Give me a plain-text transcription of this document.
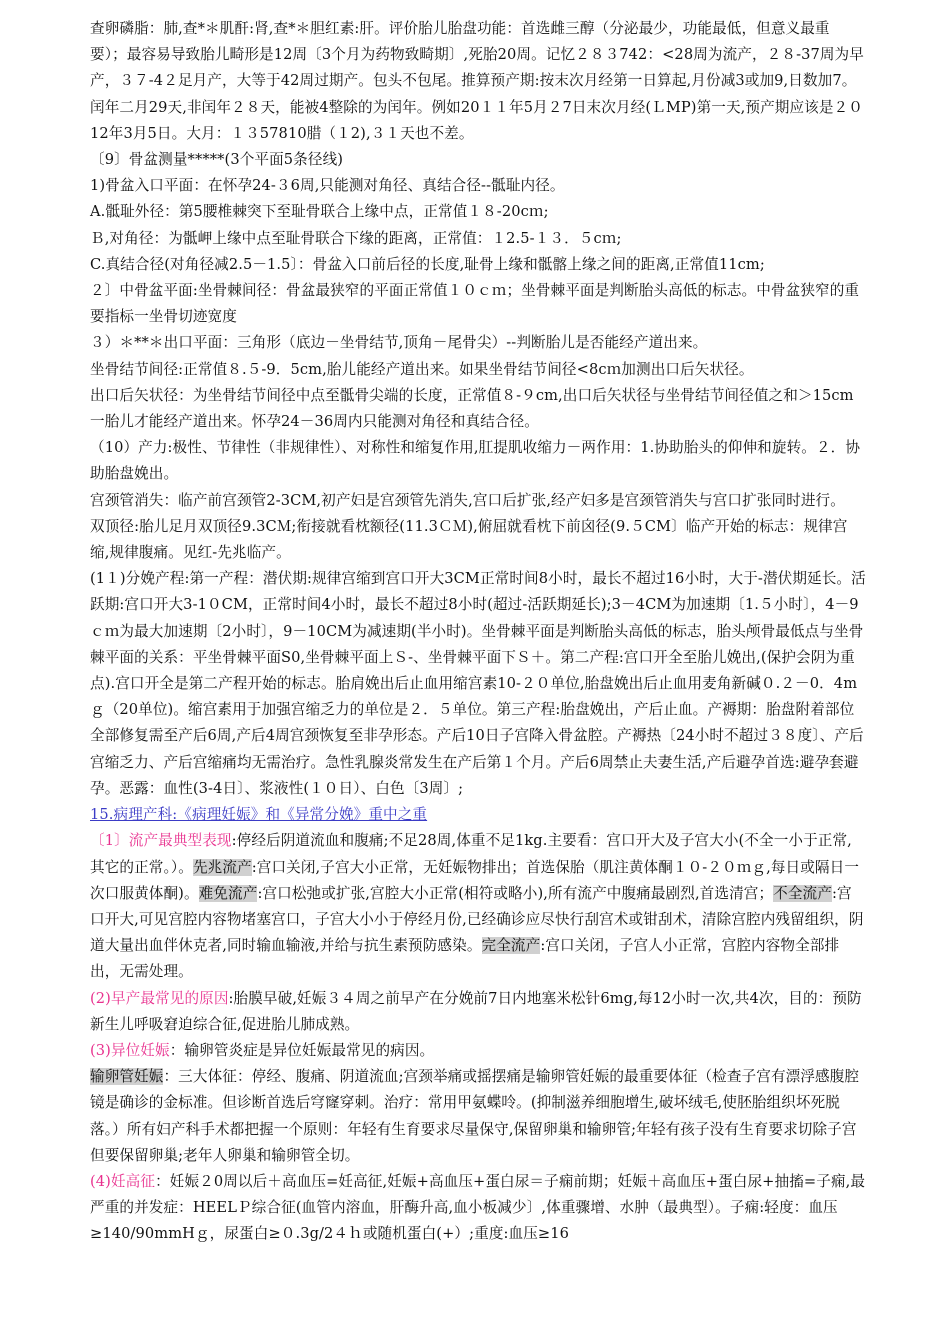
查卵磷脂：肺,查*＊肌酐:肾,查*＊胆红素:肝。评价胎儿胎盘功能：首选雌三醇（分泌最少，功能最低，但意义最重要）；最容易导致胎儿畸形是12周〔3个月为药物致畸期〕,死胎20周。记忆２８３742：<28周为流产，２８-37周为早产，３７-4２足月产，大等于42周过期产。包头不包尾。推算预产期:按末次月经第一日算起,月份减3或加9,日数加7。闰年二月29天,非闰年２８天，能被4整除的为闰年。例如20１１年5月２7日末次月经(ＬMP)第一天,预产期应该是２０12年3月5日。大月：１３57810腊（１2),３１天也不差。

〔9〕骨盆测量*****(3个平面5条径线)

1)骨盆入口平面：在怀孕24-３6周,只能测对角径、真结合径--骶耻内径。

A.骶耻外径：第5腰椎棘突下至耻骨联合上缘中点，正常值１８-20cｍ;

Ｂ,对角径：为骶岬上缘中点至耻骨联合下缘的距离，正常值：１2.5-１３．５cｍ;

C.真结合径(对角径减2.5－1.5〕：骨盆入口前后径的长度,耻骨上缘和骶髂上缘之间的距离,正常值11cm;

２〕中骨盆平面:坐骨棘间径：骨盆最狭窄的平面正常值１０ｃｍ；坐骨棘平面是判断胎头高低的标志。中骨盆狭窄的重要指标一坐骨切迹宽度

３）＊**＊出口平面：三角形（底边－坐骨结节,顶角－尾骨尖）--判断胎儿是否能经产道出来。

坐骨结节间径:正常值８.５-9．5cm,胎儿能经产道出来。如果坐骨结节间径<8cｍ加测出口后矢状径。

出口后矢状径：为坐骨结节间径中点至骶骨尖端的长度，正常值８-９cm,出口后矢状径与坐骨结节间径值之和＞15cm一胎儿才能经产道出来。怀孕24－36周内只能测对角径和真结合径。

（10）产力:极性、节律性（非规律性）、对称性和缩复作用,肛提肌收缩力－两作用：1.协助胎头的仰伸和旋转。２．协助胎盘娩出。

宫颈管消失：临产前宫颈管2-3CM,初产妇是宫颈管先消失,宫口后扩张,经产妇多是宫颈管消失与宫口扩张同时进行。

双顶径:胎儿足月双顶径9.3CＭ;衔接就看枕额径(11.3ＣＭ),俯屈就看枕下前囟径(9.５CM〕临产开始的标志：规律宫缩,规律腹痛。见红-先兆临产。

(1１)分娩产程:第一产程：潜伏期:规律宫缩到宫口开大3CM正常时间8小时，最长不超过16小时，大于-潜伏期延长。活跃期:宫口开大3-1０CM，正常时间4小时，最长不超过8小时(超过-活跃期延长);3－4CM为加速期〔1.５小时〕，4－9ｃｍ为最大加速期〔2小时〕，9－10CM为减速期(半小时)。坐骨棘平面是判断胎头高低的标志，胎头颅骨最低点与坐骨棘平面的关系：平坐骨棘平面S0,坐骨棘平面上Ｓ-、坐骨棘平面下Ｓ＋。第二产程:宫口开全至胎儿娩出,(保护会阴为重点).宫口开全是第二产程开始的标志。胎肩娩出后止血用缩宫素10-２０单位,胎盘娩出后止血用麦角新碱０.２－0．4mｇ（20单位)。缩宫素用于加强宫缩乏力的单位是２．５单位。第三产程:胎盘娩出，产后止血。产褥期：胎盘附着部位全部修复需至产后6周,产后4周宫颈恢复至非孕形态。产后10日子宫降入骨盆腔。产褥热〔24小时不超过３８度〕、产后宫缩乏力、产后宫缩痛均无需治疗。急性乳腺炎常发生在产后第１个月。产后6周禁止夫妻生活,产后避孕首选:避孕套避孕。恶露：血性(3-4日〕、浆液性(１０日）、白色〔3周〕;

15.病理产科:《病理妊娠》和《异常分娩》重中之重

〔1〕流产最典型表现:停经后阴道流血和腹痛;不足28周,体重不足1kg.主要看：宫口开大及子宫大小(不全一小于正常,其它的正常。）。先兆流产:宫口关闭,子宫大小正常，无妊娠物排出；首选保胎（肌注黄体酮１０-２０ｍｇ,每日或隔日一次口服黄体酮)。难免流产:宫口松弛或扩张,宫腔大小正常(相符或略小),所有流产中腹痛最剧烈,首选清宫；不全流产:宫口开大,可见宫腔内容物堵塞宫口，子宫大小小于停经月份,已经确诊应尽快行刮宫术或钳刮术，清除宫腔内残留组织，阴道大量出血伴休克者,同时输血输液,并给与抗生素预防感染。完全流产:宫口关闭，子宫人小正常，宫腔内容物全部排出，无需处理。

(2)早产最常见的原因:胎膜早破,妊娠３４周之前早产在分娩前7日内地塞米松针6mg,每12小时一次,共4次，目的：预防新生儿呼吸窘迫综合征,促进胎儿肺成熟。

(3)异位妊娠：输卵管炎症是异位妊娠最常见的病因。

输卵管妊娠：三大体征：停经、腹痛、阴道流血;宫颈举痛或摇摆痛是输卵管妊娠的最重要体征（检查子宫有漂浮感腹腔镜是确诊的金标准。但诊断首选后穹窿穿刺。治疗：常用甲氨蝶呤。(抑制滋养细胞增生,破坏绒毛,使胚胎组织坏死脱落。）所有妇产科手术都把握一个原则：年轻有生育要求尽量保守,保留卵巢和输卵管;年轻有孩子没有生育要求切除子宫但要保留卵巢;老年人卵巢和输卵管全切。

(4)妊高征：妊娠２0周以后＋高血压=妊高征,妊娠+高血压+蛋白尿＝子痫前期；妊娠＋高血压+蛋白尿+抽搐=子痫,最严重的并发症：HEELＰ综合征(血管内溶血，肝酶升高,血小板减少〕,体重骤增、水肿（最典型）。子痫:轻度：血压≥140/90mmHｇ，尿蛋白≥０.3g/2４ｈ或随机蛋白(+）;重度:血压≥16
